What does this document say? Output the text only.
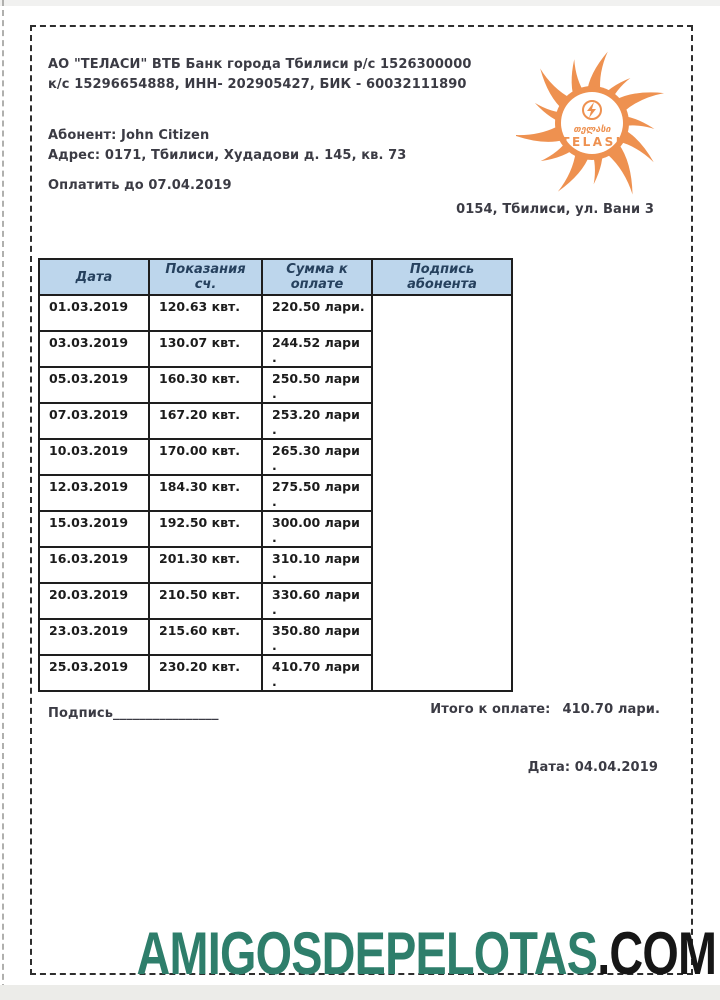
АО "ТЕЛАСИ" ВТБ Банк города Тбилиси р/с 1526300000
к/с 15296654888, ИНН- 202905427, БИК - 60032111890
თელასი
TELASI
Абонент: John Citizen
Адрес: 0171, Тбилиси, Худадови д. 145, кв. 73
Оплатить до 07.04.2019
0154, Тбилиси, ул. Вани 3
Дата	Показания сч.	Сумма к оплате	Подпись абонента
01.03.2019	120.63 квт.	220.50 лари.	
03.03.2019	130.07 квт.	244.52 лари .	
05.03.2019	160.30 квт.	250.50 лари .	
07.03.2019	167.20 квт.	253.20 лари .	
10.03.2019	170.00 квт.	265.30 лари .	
12.03.2019	184.30 квт.	275.50 лари .	
15.03.2019	192.50 квт.	300.00 лари .	
16.03.2019	201.30 квт.	310.10 лари .	
20.03.2019	210.50 квт.	330.60 лари .	
23.03.2019	215.60 квт.	350.80 лари .	
25.03.2019	230.20 квт.	410.70 лари .	
Подпись________________	Итого к оплате: 410.70 лари.
Дата: 04.04.2019
AMIGOSDEPELOTAS.COM
